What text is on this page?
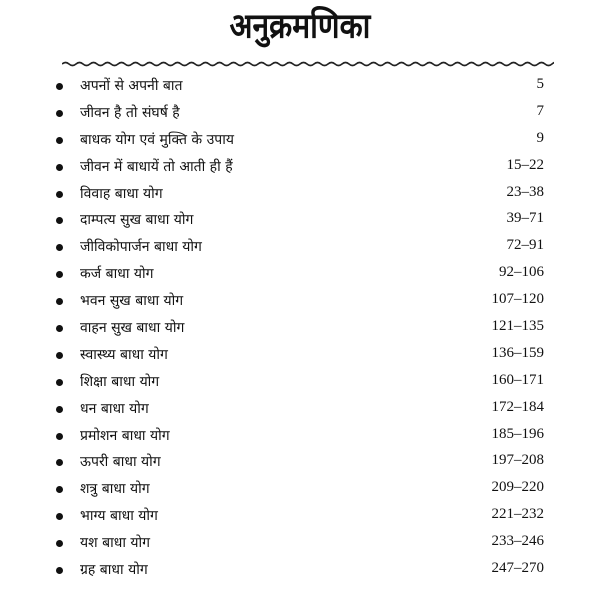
अनुक्रमणिका
अपनों से अपनी बात	5
जीवन है तो संघर्ष है	7
बाधक योग एवं मुक्ति के उपाय	9
जीवन में बाधायें तो आती ही हैं	15–22
विवाह बाधा योग	23–38
दाम्पत्य सुख बाधा योग	39–71
जीविकोपार्जन बाधा योग	72–91
कर्ज बाधा योग	92–106
भवन सुख बाधा योग	107–120
वाहन सुख बाधा योग	121–135
स्वास्थ्य बाधा योग	136–159
शिक्षा बाधा योग	160–171
धन बाधा योग	172–184
प्रमोशन बाधा योग	185–196
ऊपरी बाधा योग	197–208
शत्रु बाधा योग	209–220
भाग्य बाधा योग	221–232
यश बाधा योग	233–246
ग्रह बाधा योग	247–270
